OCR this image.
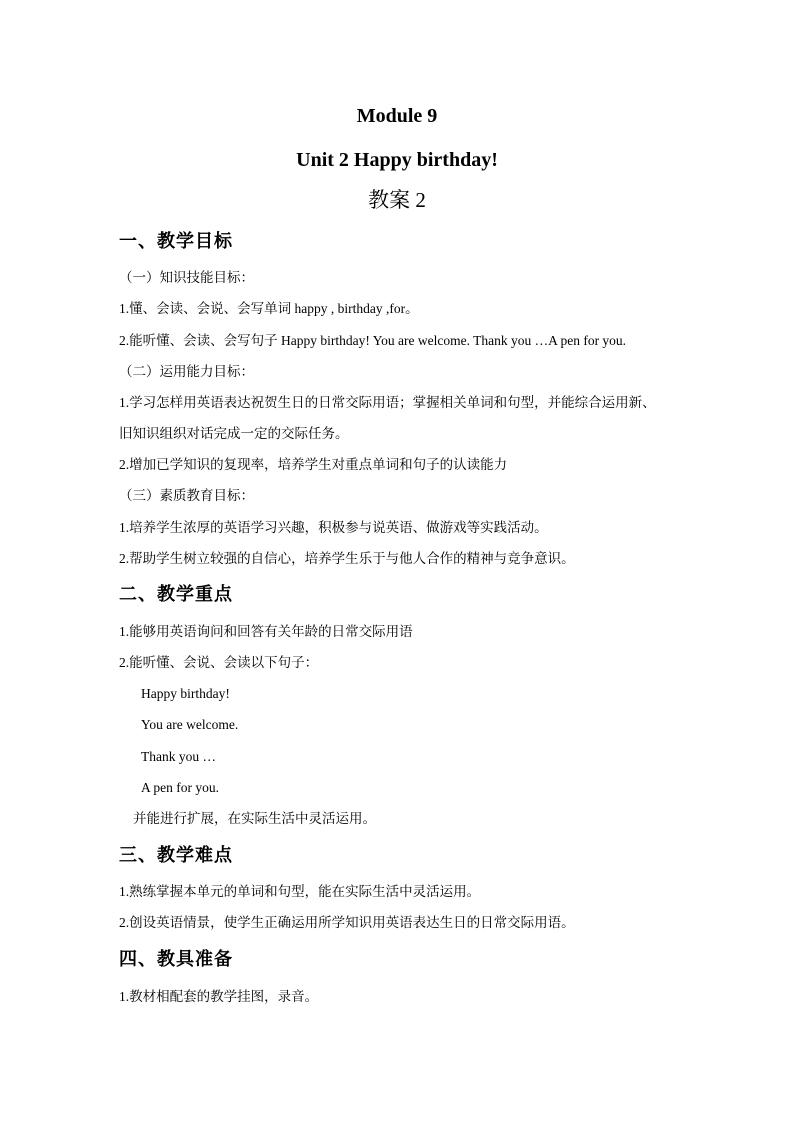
Module 9
Unit 2 Happy birthday!
教案 2
一、教学目标
（一）知识技能目标：
1.懂、会读、会说、会写单词 happy , birthday ,for。
2.能听懂、会读、会写句子 Happy birthday! You are welcome. Thank you …A pen for you.
（二）运用能力目标：
1.学习怎样用英语表达祝贺生日的日常交际用语；掌握相关单词和句型，并能综合运用新、
旧知识组织对话完成一定的交际任务。
2.增加已学知识的复现率，培养学生对重点单词和句子的认读能力
（三）素质教育目标：
1.培养学生浓厚的英语学习兴趣，积极参与说英语、做游戏等实践活动。
2.帮助学生树立较强的自信心，培养学生乐于与他人合作的精神与竞争意识。
二、教学重点
1.能够用英语询问和回答有关年龄的日常交际用语
2.能听懂、会说、会读以下句子：
Happy birthday!
You are welcome.
Thank you …
A pen for you.
并能进行扩展，在实际生活中灵活运用。
三、教学难点
1.熟练掌握本单元的单词和句型，能在实际生活中灵活运用。
2.创设英语情景，使学生正确运用所学知识用英语表达生日的日常交际用语。
四、教具准备
1.教材相配套的教学挂图，录音。
